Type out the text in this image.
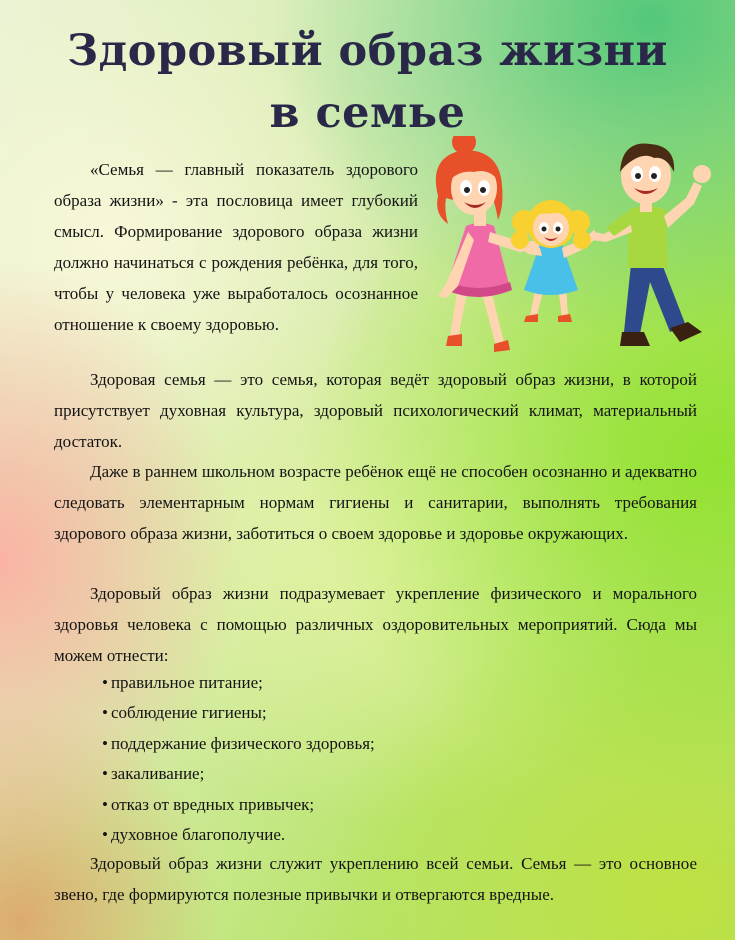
Здоровый образ жизни
в семье

«Семья — главный показатель здорового образа жизни» - эта пословица имеет глубокий смысл. Формирование здорового образа жизни должно начинаться с рождения ребёнка, для того, чтобы у человека уже выработалось осознанное отношение к своему здоровью.

Здоровая семья — это семья, которая ведёт здоровый образ жизни, в которой присутствует духовная культура, здоровый психологический климат, материальный достаток.

Даже в раннем школьном возрасте ребёнок ещё не способен осознанно и адекватно следовать элементарным нормам гигиены и санитарии, выполнять требования здорового образа жизни, заботиться о своем здоровье и здоровье окружающих.

Здоровый образ жизни подразумевает укрепление физического и морального здоровья человека с помощью различных оздоровительных мероприятий. Сюда мы можем отнести:

• правильное питание;
• соблюдение гигиены;
• поддержание физического здоровья;
• закаливание;
• отказ от вредных привычек;
• духовное благополучие.

Здоровый образ жизни служит укреплению всей семьи. Семья — это основное звено, где формируются полезные привычки и отвергаются вредные.
